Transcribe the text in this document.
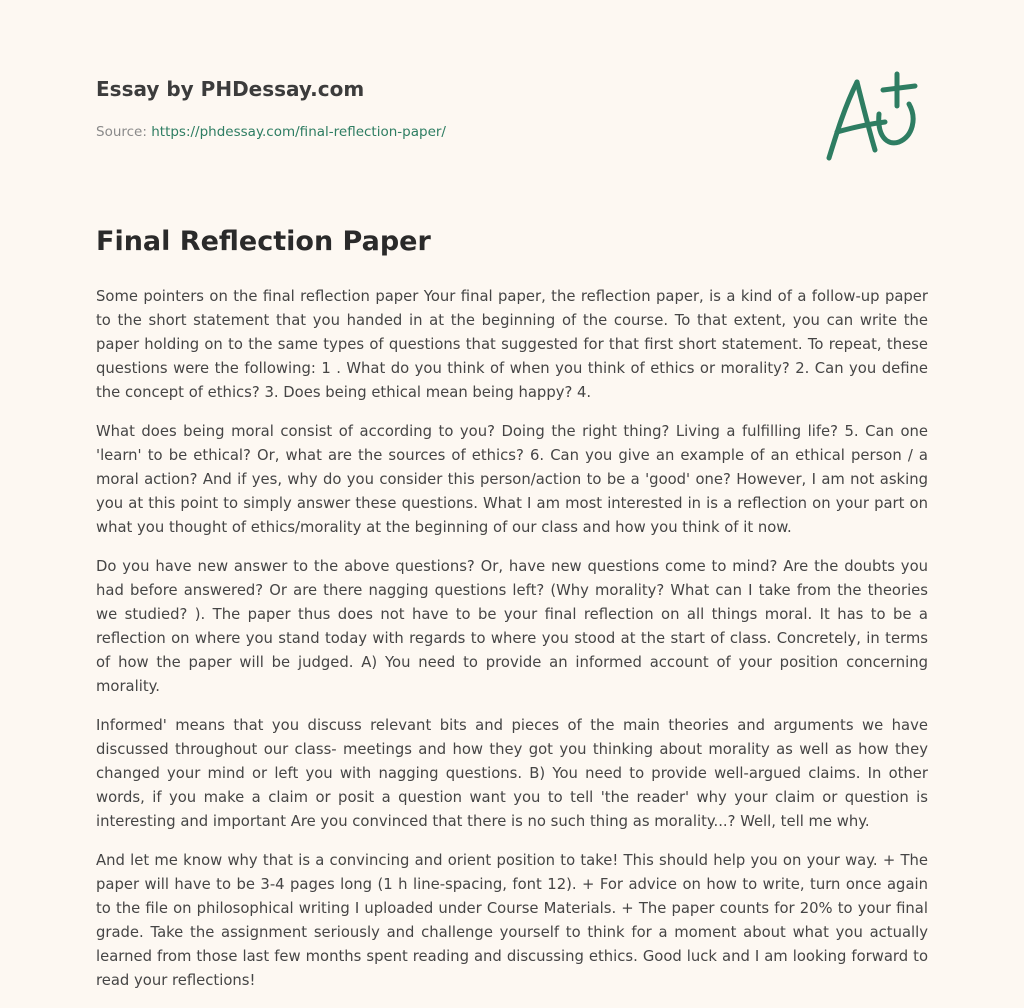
Essay by PHDessay.com
Source: https://phdessay.com/final-reflection-paper/
Final Reflection Paper

Some pointers on the final reflection paper Your final paper, the reflection paper, is a kind of a follow-up paper to the short statement that you handed in at the beginning of the course. To that extent, you can write the paper holding on to the same types of questions that suggested for that first short statement. To repeat, these questions were the following: 1 . What do you think of when you think of ethics or morality? 2. Can you define the concept of ethics? 3. Does being ethical mean being happy? 4.

What does being moral consist of according to you? Doing the right thing? Living a fulfilling life? 5. Can one 'learn' to be ethical? Or, what are the sources of ethics? 6. Can you give an example of an ethical person / a moral action? And if yes, why do you consider this person/action to be a 'good' one? However, I am not asking you at this point to simply answer these questions. What I am most interested in is a reflection on your part on what you thought of ethics/morality at the beginning of our class and how you think of it now.

Do you have new answer to the above questions? Or, have new questions come to mind? Are the doubts you had before answered? Or are there nagging questions left? (Why morality? What can I take from the theories we studied? ). The paper thus does not have to be your final reflection on all things moral. It has to be a reflection on where you stand today with regards to where you stood at the start of class. Concretely, in terms of how the paper will be judged. A) You need to provide an informed account of your position concerning morality.

Informed' means that you discuss relevant bits and pieces of the main theories and arguments we have discussed throughout our class- meetings and how they got you thinking about morality as well as how they changed your mind or left you with nagging questions. B) You need to provide well-argued claims. In other words, if you make a claim or posit a question want you to tell 'the reader' why your claim or question is interesting and important Are you convinced that there is no such thing as morality...? Well, tell me why.

And let me know why that is a convincing and orient position to take! This should help you on your way. + The paper will have to be 3-4 pages long (1 h line-spacing, font 12). + For advice on how to write, turn once again to the file on philosophical writing I uploaded under Course Materials. + The paper counts for 20% to your final grade. Take the assignment seriously and challenge yourself to think for a moment about what you actually learned from those last few months spent reading and discussing ethics. Good luck and I am looking forward to read your reflections!
